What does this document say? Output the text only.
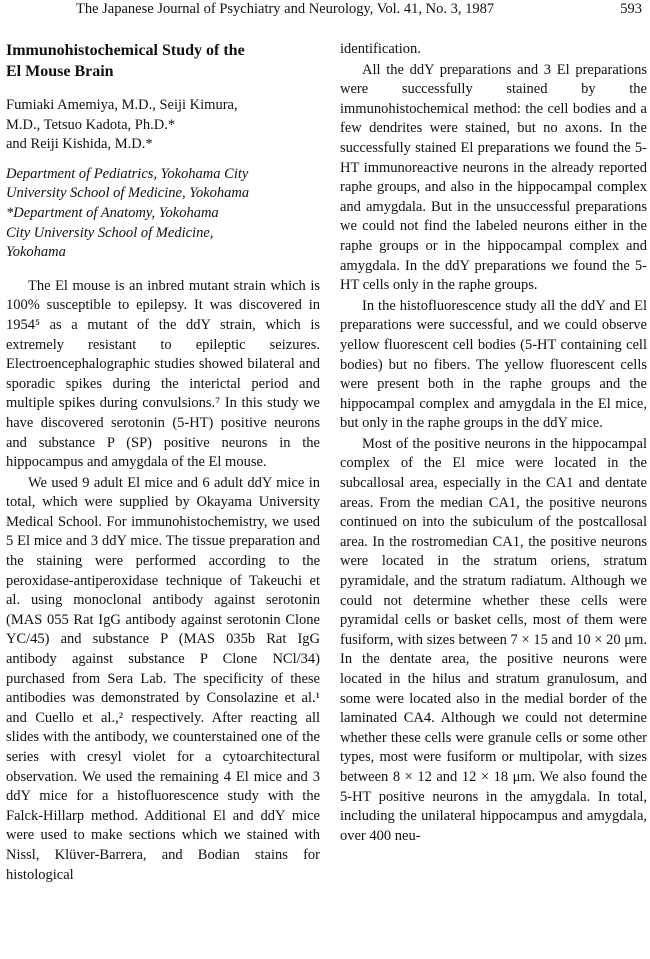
The Japanese Journal of Psychiatry and Neurology, Vol. 41, No. 3, 1987	593
Immunohistochemical Study of the
El Mouse Brain
Fumiaki Amemiya, M.D., Seiji Kimura,
M.D., Tetsuo Kadota, Ph.D.*
and Reiji Kishida, M.D.*
Department of Pediatrics, Yokohama City
University School of Medicine, Yokohama
*Department of Anatomy, Yokohama
City University School of Medicine,
Yokohama

The El mouse is an inbred mutant strain which is 100% susceptible to epilepsy. It was discovered in 1954⁵ as a mutant of the ddY strain, which is extremely resistant to epileptic seizures. Electroencephalographic studies showed bilateral and sporadic spikes during the interictal period and multiple spikes during convulsions.⁷ In this study we have discovered serotonin (5-HT) positive neurons and substance P (SP) positive neurons in the hippocampus and amygdala of the El mouse.

We used 9 adult El mice and 6 adult ddY mice in total, which were supplied by Okayama University Medical School. For immunohistochemistry, we used 5 El mice and 3 ddY mice. The tissue preparation and the staining were performed according to the peroxidase-antiperoxidase technique of Takeuchi et al. using monoclonal antibody against serotonin (MAS 055 Rat IgG antibody against serotonin Clone YC/45) and substance P (MAS 035b Rat IgG antibody against substance P Clone NCl/34) purchased from Sera Lab. The specificity of these antibodies was demonstrated by Consolazine et al.¹ and Cuello et al.,² respectively. After reacting all slides with the antibody, we counterstained one of the series with cresyl violet for a cytoarchitectural observation. We used the remaining 4 El mice and 3 ddY mice for a histofluorescence study with the Falck-Hillarp method. Additional El and ddY mice were used to make sections which we stained with Nissl, Klüver-Barrera, and Bodian stains for histological

identification.

All the ddY preparations and 3 El preparations were successfully stained by the immunohistochemical method: the cell bodies and a few dendrites were stained, but no axons. In the successfully stained El preparations we found the 5-HT immunoreactive neurons in the already reported raphe groups, and also in the hippocampal complex and amygdala. But in the unsuccessful preparations we could not find the labeled neurons either in the raphe groups or in the hippocampal complex and amygdala. In the ddY preparations we found the 5-HT cells only in the raphe groups.

In the histofluorescence study all the ddY and El preparations were successful, and we could observe yellow fluorescent cell bodies (5-HT containing cell bodies) but no fibers. The yellow fluorescent cells were present both in the raphe groups and the hippocampal complex and amygdala in the El mice, but only in the raphe groups in the ddY mice.

Most of the positive neurons in the hippocampal complex of the El mice were located in the subcallosal area, especially in the CA1 and dentate areas. From the median CA1, the positive neurons continued on into the subiculum of the postcallosal area. In the rostromedian CA1, the positive neurons were located in the stratum oriens, stratum pyramidale, and the stratum radiatum. Although we could not determine whether these cells were pyramidal cells or basket cells, most of them were fusiform, with sizes between 7 × 15 and 10 × 20 μm. In the dentate area, the positive neurons were located in the hilus and stratum granulosum, and some were located also in the medial border of the laminated CA4. Although we could not determine whether these cells were granule cells or some other types, most were fusiform or multipolar, with sizes between 8 × 12 and 12 × 18 μm. We also found the 5-HT positive neurons in the amygdala. In total, including the unilateral hippocampus and amygdala, over 400 neu-
